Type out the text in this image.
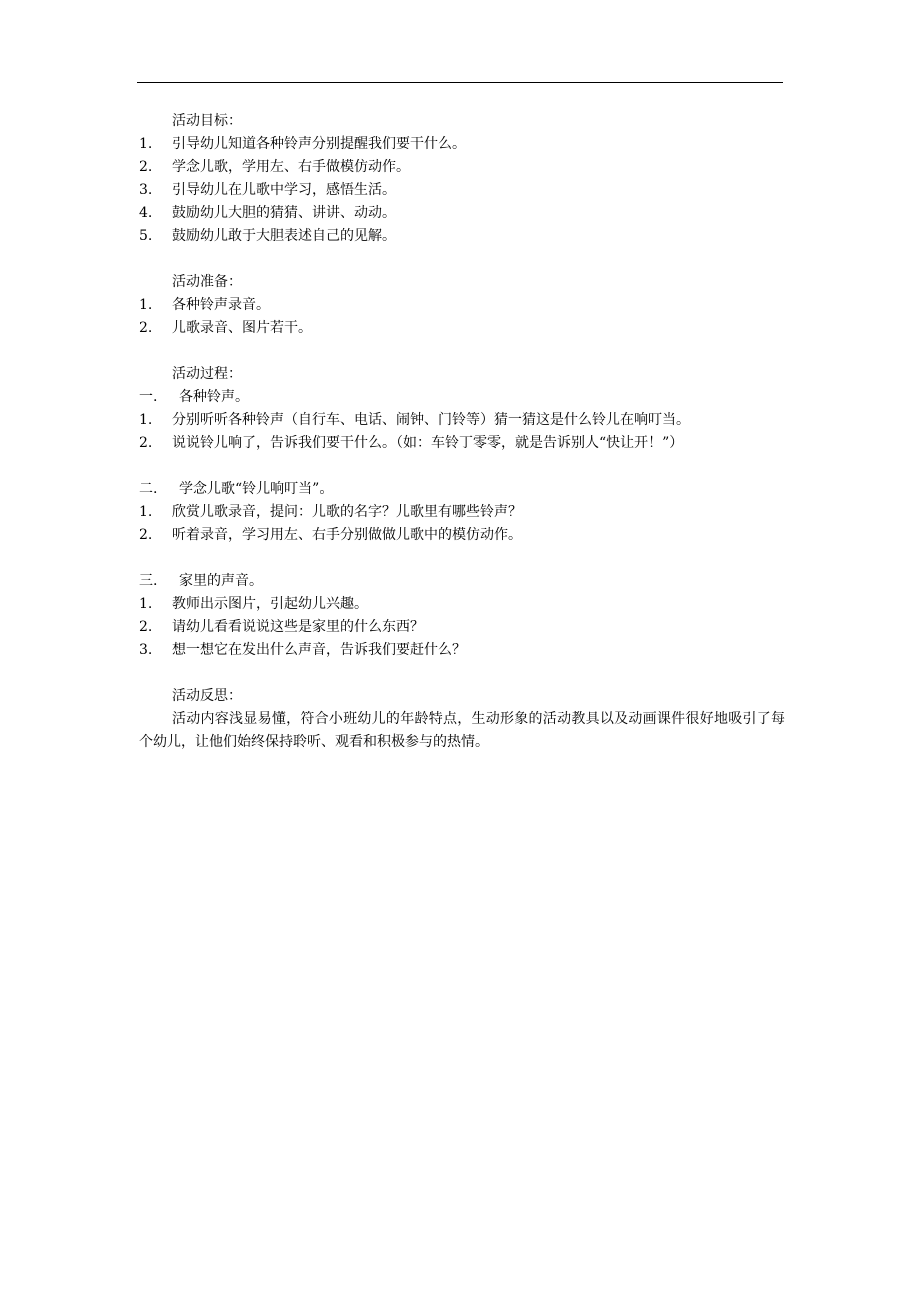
活动目标：
1.	引导幼儿知道各种铃声分别提醒我们要干什么。
2.	学念儿歌，学用左、右手做模仿动作。
3.	引导幼儿在儿歌中学习，感悟生活。
4.	鼓励幼儿大胆的猜猜、讲讲、动动。
5.	鼓励幼儿敢于大胆表述自己的见解。
活动准备：
1.	各种铃声录音。
2.	儿歌录音、图片若干。
活动过程：
一.	各种铃声。
1.	分别听听各种铃声（自行车、电话、闹钟、门铃等）猜一猜这是什么铃儿在响叮当。
2.	说说铃儿响了，告诉我们要干什么。（如：车铃丁零零，就是告诉别人“快让开！”）
二.	学念儿歌“铃儿响叮当”。
1.	欣赏儿歌录音，提问：儿歌的名字？儿歌里有哪些铃声？
2.	听着录音，学习用左、右手分别做做儿歌中的模仿动作。
三.	家里的声音。
1.	教师出示图片，引起幼儿兴趣。
2.	请幼儿看看说说这些是家里的什么东西？
3.	想一想它在发出什么声音，告诉我们要赶什么？
活动反思：

活动内容浅显易懂，符合小班幼儿的年龄特点，生动形象的活动教具以及动画课件很好地吸引了每个幼儿，让他们始终保持聆听、观看和积极参与的热情。
